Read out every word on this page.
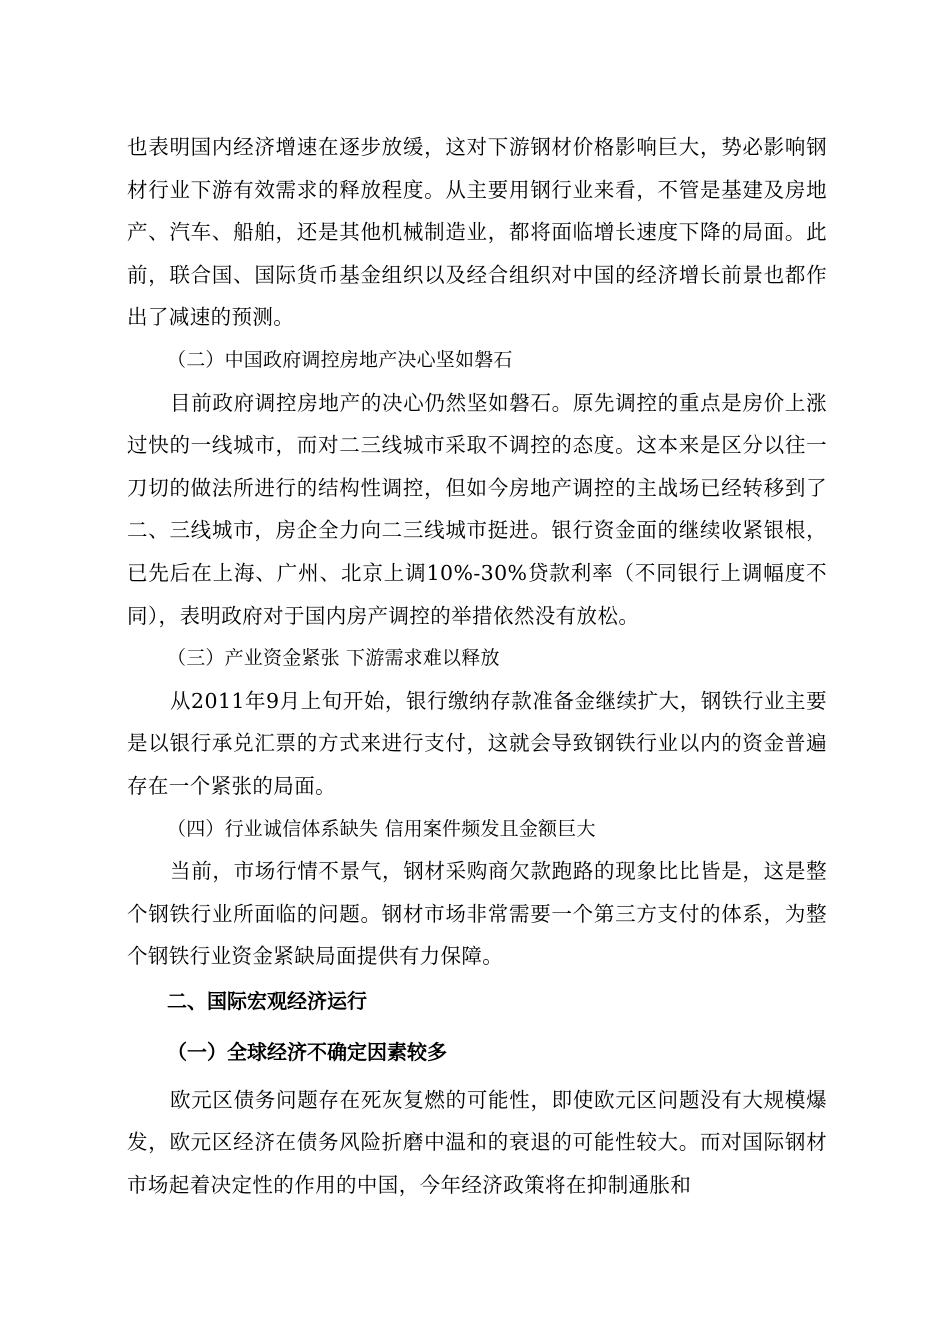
也表明国内经济增速在逐步放缓，这对下游钢材价格影响巨大，势必影响钢材行业下游有效需求的释放程度。从主要用钢行业来看，不管是基建及房地产、汽车、船舶，还是其他机械制造业，都将面临增长速度下降的局面。此前，联合国、国际货币基金组织以及经合组织对中国的经济增长前景也都作出了减速的预测。

（二）中国政府调控房地产决心坚如磐石

目前政府调控房地产的决心仍然坚如磐石。原先调控的重点是房价上涨过快的一线城市，而对二三线城市采取不调控的态度。这本来是区分以往一刀切的做法所进行的结构性调控，但如今房地产调控的主战场已经转移到了二、三线城市，房企全力向二三线城市挺进。银行资金面的继续收紧银根，已先后在上海、广州、北京上调10%-30%贷款利率（不同银行上调幅度不同），表明政府对于国内房产调控的举措依然没有放松。

（三）产业资金紧张 下游需求难以释放

从2011年9月上旬开始，银行缴纳存款准备金继续扩大，钢铁行业主要是以银行承兑汇票的方式来进行支付，这就会导致钢铁行业以内的资金普遍存在一个紧张的局面。

（四）行业诚信体系缺失 信用案件频发且金额巨大

当前，市场行情不景气，钢材采购商欠款跑路的现象比比皆是，这是整个钢铁行业所面临的问题。钢材市场非常需要一个第三方支付的体系，为整个钢铁行业资金紧缺局面提供有力保障。

二、国际宏观经济运行

（一）全球经济不确定因素较多

欧元区债务问题存在死灰复燃的可能性，即使欧元区问题没有大规模爆发，欧元区经济在债务风险折磨中温和的衰退的可能性较大。而对国际钢材市场起着决定性的作用的中国，今年经济政策将在抑制通胀和
